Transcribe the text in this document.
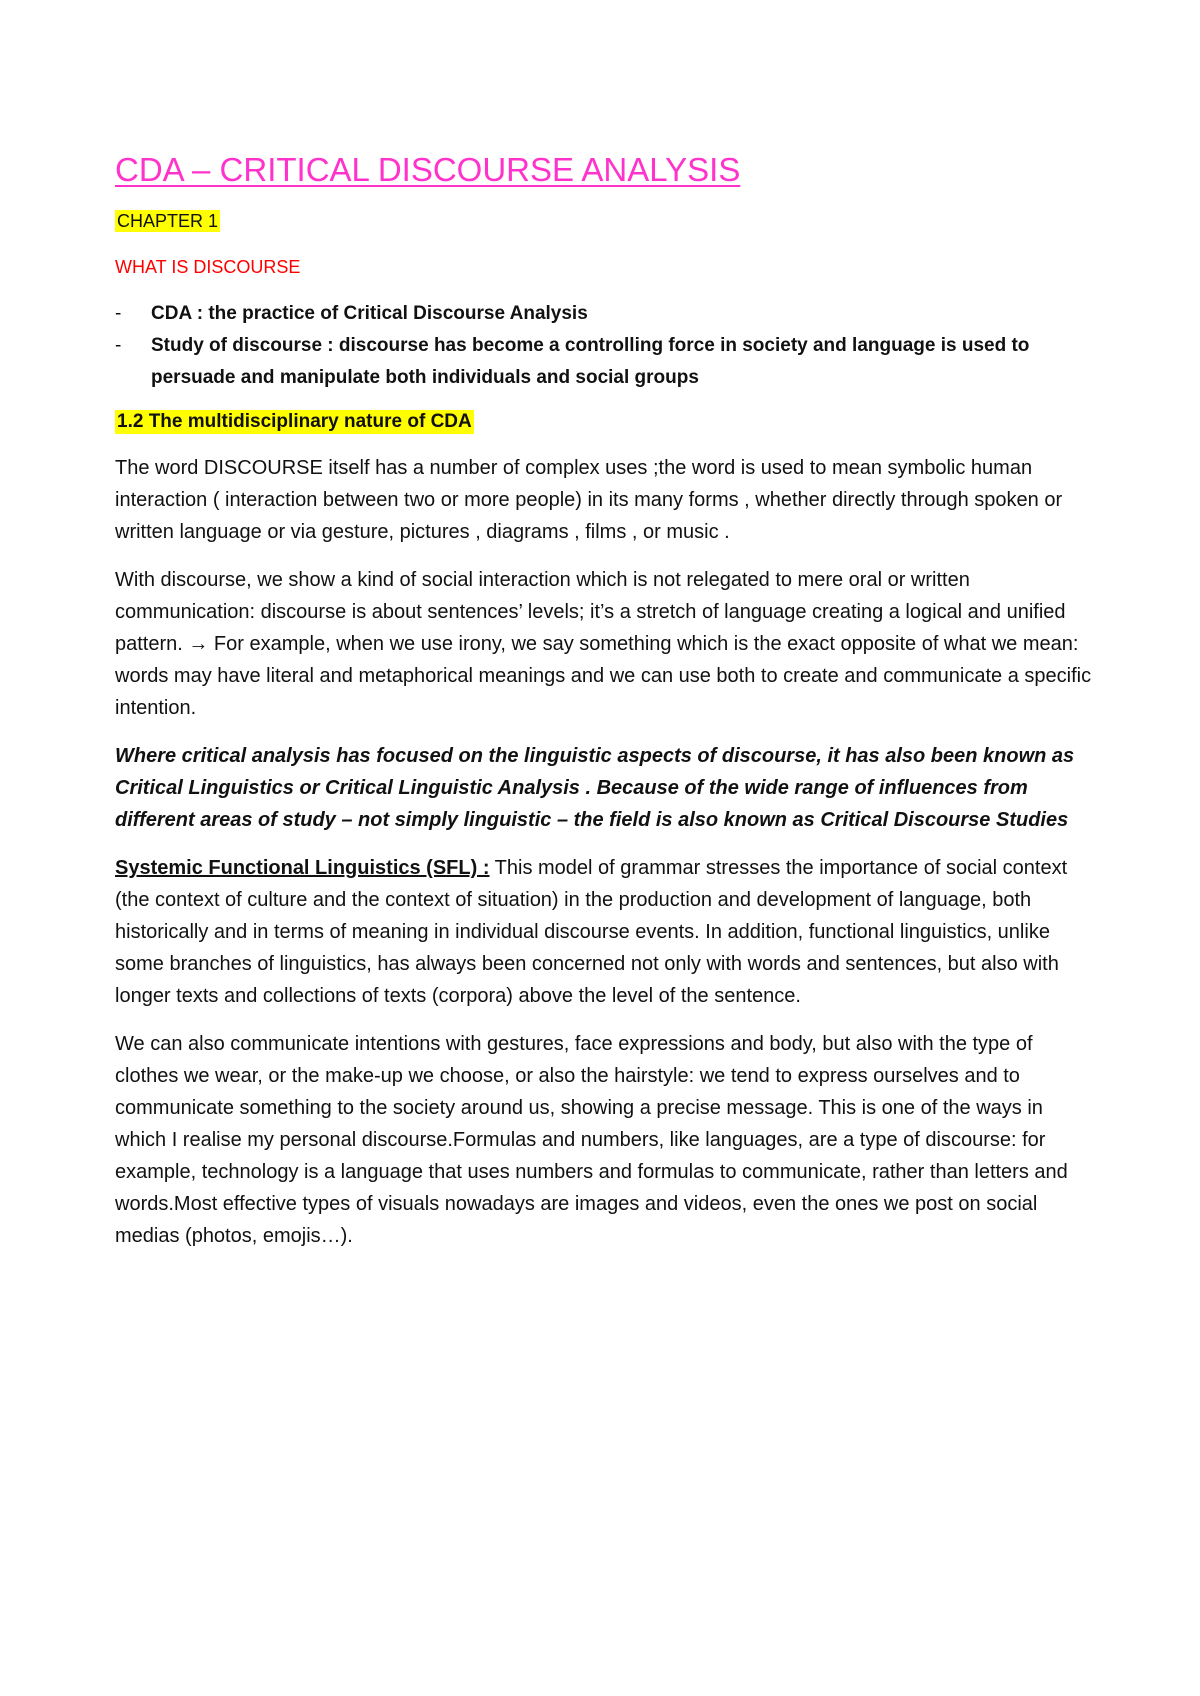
CDA – CRITICAL DISCOURSE ANALYSIS
CHAPTER 1
WHAT IS DISCOURSE
- CDA : the practice of Critical Discourse Analysis
- Study of discourse : discourse has become a controlling force in society and language is used to persuade and manipulate both individuals and social groups
1.2 The multidisciplinary nature of CDA

The word DISCOURSE itself has a number of complex uses ;the word is used to mean symbolic human interaction ( interaction between two or more people) in its many forms , whether directly through spoken or written language or via gesture, pictures , diagrams , films , or music .

With discourse, we show a kind of social interaction which is not relegated to mere oral or written communication: discourse is about sentences’ levels; it’s a stretch of language creating a logical and unified pattern. → For example, when we use irony, we say something which is the exact opposite of what we mean: words may have literal and metaphorical meanings and we can use both to create and communicate a specific intention.

Where critical analysis has focused on the linguistic aspects of discourse, it has also been known as Critical Linguistics or Critical Linguistic Analysis . Because of the wide range of influences from different areas of study – not simply linguistic – the field is also known as Critical Discourse Studies

Systemic Functional Linguistics (SFL) : This model of grammar stresses the importance of social context (the context of culture and the context of situation) in the production and development of language, both historically and in terms of meaning in individual discourse events. In addition, functional linguistics, unlike some branches of linguistics, has always been concerned not only with words and sentences, but also with longer texts and collections of texts (corpora) above the level of the sentence.

We can also communicate intentions with gestures, face expressions and body, but also with the type of clothes we wear, or the make-up we choose, or also the hairstyle: we tend to express ourselves and to communicate something to the society around us, showing a precise message. This is one of the ways in which I realise my personal discourse.Formulas and numbers, like languages, are a type of discourse: for example, technology is a language that uses numbers and formulas to communicate, rather than letters and words.Most effective types of visuals nowadays are images and videos, even the ones we post on social medias (photos, emojis…).
